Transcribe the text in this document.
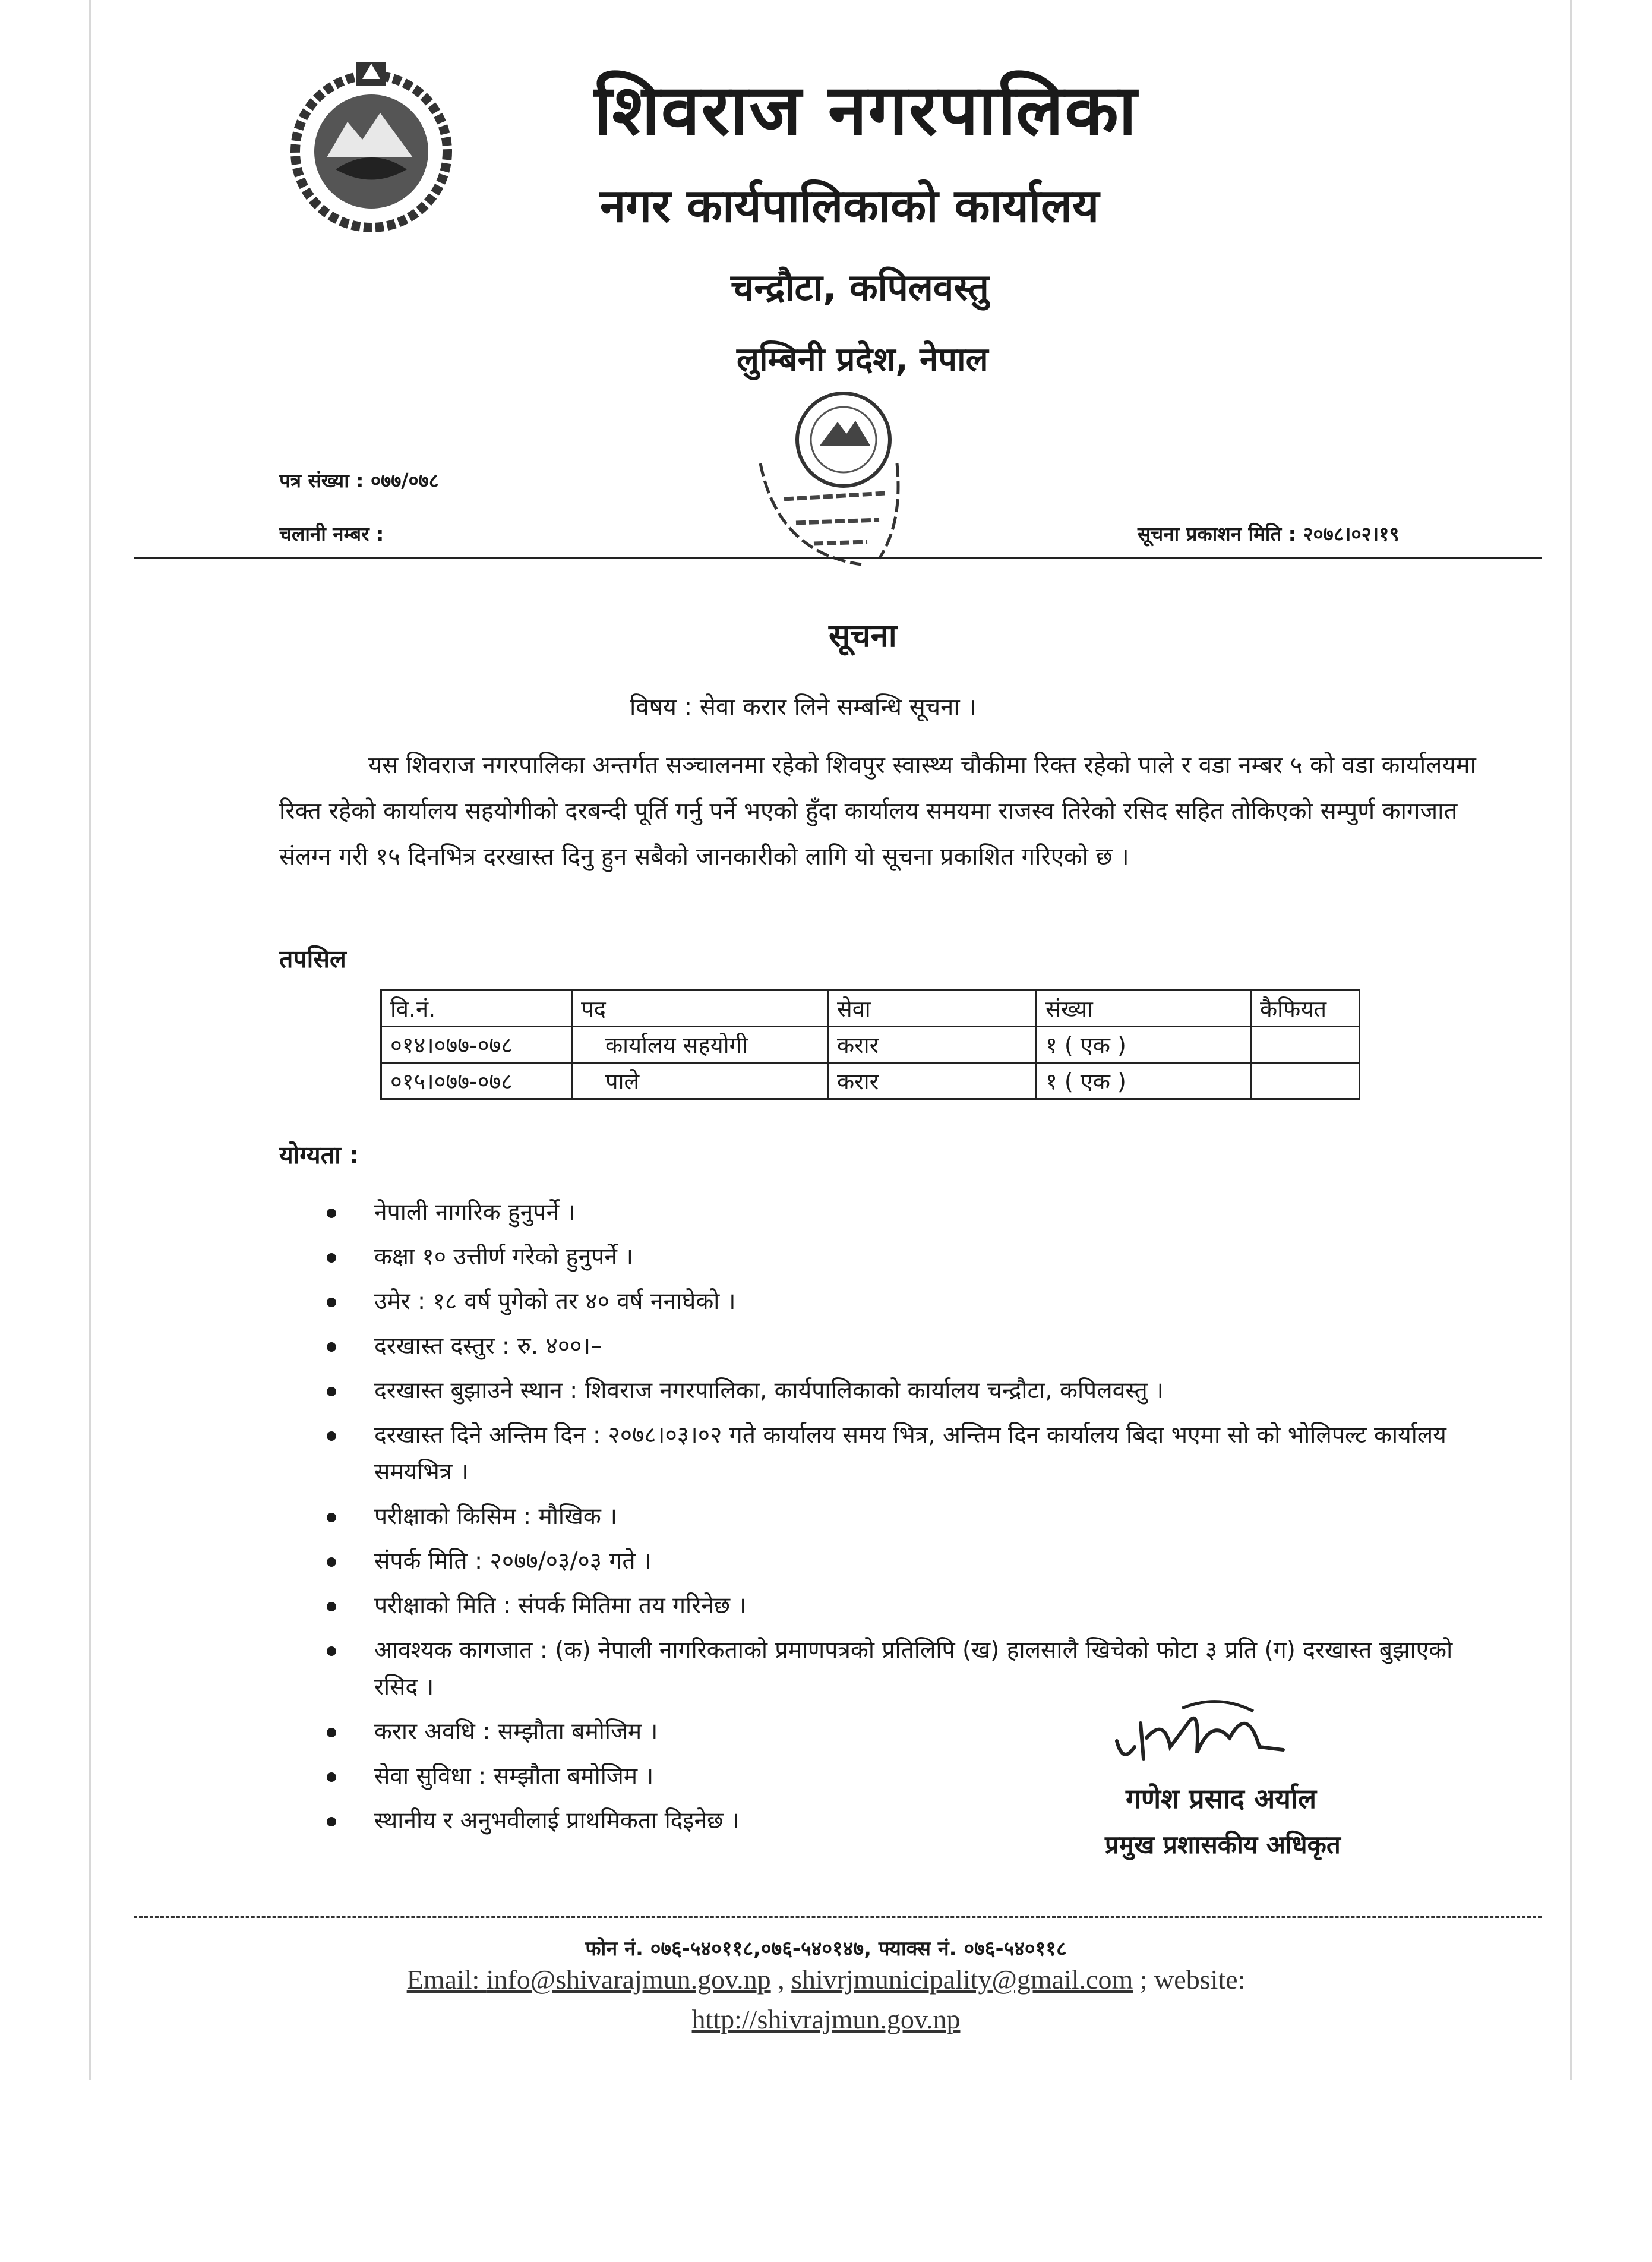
शिवराज नगरपालिका
नगर कार्यपालिकाको कार्यालय
चन्द्रौटा, कपिलवस्तु
लुम्बिनी प्रदेश, नेपाल
पत्र संख्या : ०७७/०७८
चलानी नम्बर :	सूचना प्रकाशन मिति : २०७८।०२।१९
सूचना
विषय : सेवा करार लिने सम्बन्धि सूचना ।

यस शिवराज नगरपालिका अन्तर्गत सञ्चालनमा रहेको शिवपुर स्वास्थ्य चौकीमा रिक्त रहेको पाले र वडा नम्बर ५ को वडा कार्यालयमा रिक्त रहेको कार्यालय सहयोगीको दरबन्दी पूर्ति गर्नु पर्ने भएको हुँदा कार्यालय समयमा राजस्व तिरेको रसिद सहित तोकिएको सम्पुर्ण कागजात संलग्न गरी १५ दिनभित्र दरखास्त दिनु हुन सबैको जानकारीको लागि यो सूचना प्रकाशित गरिएको छ ।

तपसिल
वि.नं.	पद	सेवा	संख्या	कैफियत
०१४।०७७-०७८	कार्यालय सहयोगी	करार	१ ( एक )	
०१५।०७७-०७८	पाले	करार	१ ( एक )	
योग्यता :
नेपाली नागरिक हुनुपर्ने ।
कक्षा १० उत्तीर्ण गरेको हुनुपर्ने ।
उमेर : १८ वर्ष पुगेको तर ४० वर्ष ननाघेको ।
दरखास्त दस्तुर : रु. ४००।–
दरखास्त बुझाउने स्थान : शिवराज नगरपालिका, कार्यपालिकाको कार्यालय चन्द्रौटा, कपिलवस्तु ।
दरखास्त दिने अन्तिम दिन : २०७८।०३।०२ गते कार्यालय समय भित्र, अन्तिम दिन कार्यालय बिदा भएमा सो को भोलिपल्ट कार्यालय समयभित्र ।
परीक्षाको किसिम : मौखिक ।
संपर्क मिति : २०७७/०३/०३ गते ।
परीक्षाको मिति : संपर्क मितिमा तय गरिनेछ ।
आवश्यक कागजात : (क) नेपाली नागरिकताको प्रमाणपत्रको प्रतिलिपि (ख) हालसालै खिचेको फोटा ३ प्रति (ग) दरखास्त बुझाएको रसिद ।
करार अवधि : सम्झौता बमोजिम ।
सेवा सुविधा : सम्झौता बमोजिम ।
स्थानीय र अनुभवीलाई प्राथमिकता दिइनेछ ।
गणेश प्रसाद अर्याल
प्रमुख प्रशासकीय अधिकृत
फोन नं. ०७६-५४०११८,०७६-५४०१४७, फ्याक्स नं. ०७६-५४०११८
Email: info@shivarajmun.gov.np , shivrjmunicipality@gmail.com ; website:
http://shivrajmun.gov.np
